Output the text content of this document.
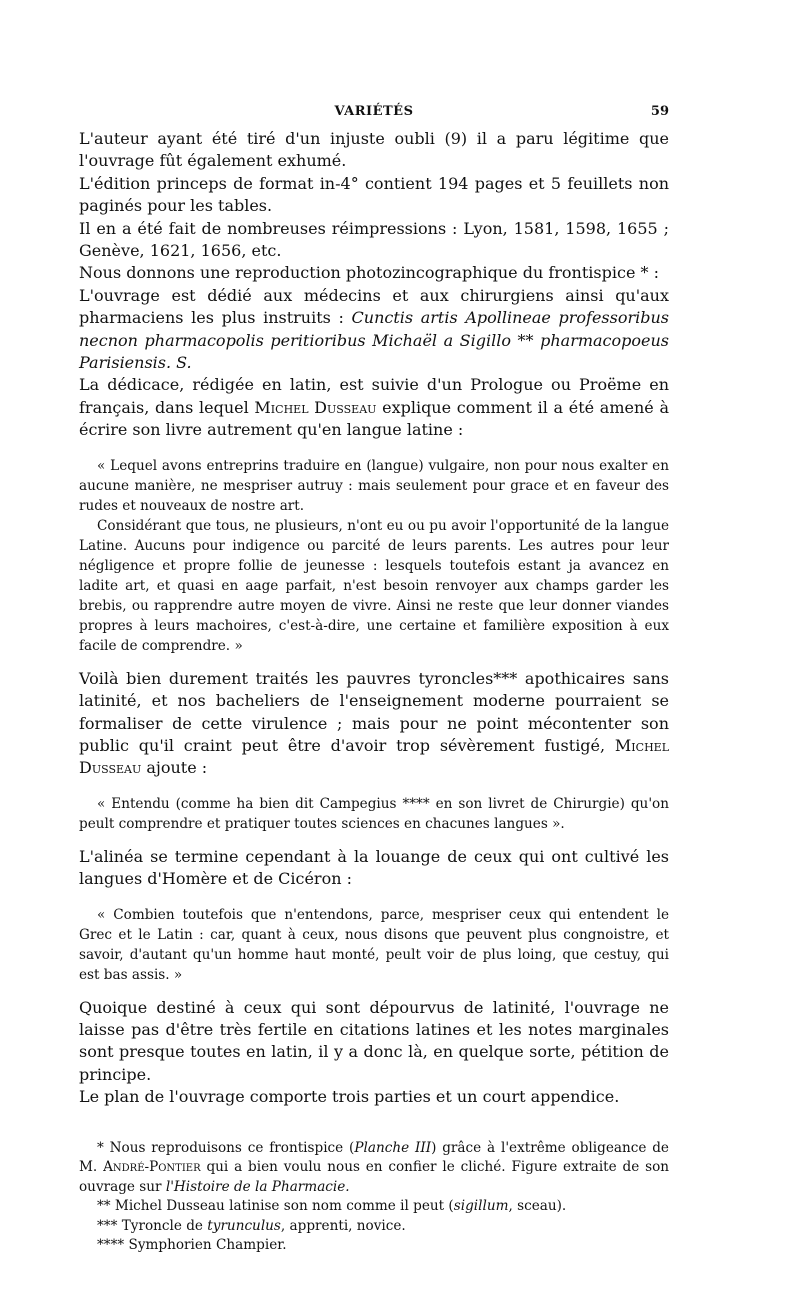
VARIÉTÉS	59

L'auteur ayant été tiré d'un injuste oubli (9) il a paru légitime que l'ouvrage fût également exhumé.

L'édition princeps de format in-4° contient 194 pages et 5 feuillets non paginés pour les tables.

Il en a été fait de nombreuses réimpressions : Lyon, 1581, 1598, 1655 ; Genève, 1621, 1656, etc.

Nous donnons une reproduction photozincographique du frontispice * :

L'ouvrage est dédié aux médecins et aux chirurgiens ainsi qu'aux pharmaciens les plus instruits : Cunctis artis Apollineae professoribus necnon pharmacopolis peritioribus Michaël a Sigillo ** pharmacopoeus Parisiensis. S.

La dédicace, rédigée en latin, est suivie d'un Prologue ou Proëme en français, dans lequel Michel Dusseau explique comment il a été amené à écrire son livre autrement qu'en langue latine :

« Lequel avons entreprins traduire en (langue) vulgaire, non pour nous exalter en aucune manière, ne mespriser autruy : mais seulement pour grace et en faveur des rudes et nouveaux de nostre art.

Considérant que tous, ne plusieurs, n'ont eu ou pu avoir l'opportunité de la langue Latine. Aucuns pour indigence ou parcité de leurs parents. Les autres pour leur négligence et propre follie de jeunesse : lesquels toutefois estant ja avancez en ladite art, et quasi en aage parfait, n'est besoin renvoyer aux champs garder les brebis, ou rapprendre autre moyen de vivre. Ainsi ne reste que leur donner viandes propres à leurs machoires, c'est-à-dire, une certaine et familière exposition à eux facile de comprendre. »

Voilà bien durement traités les pauvres tyroncles*** apothicaires sans latinité, et nos bacheliers de l'enseignement moderne pourraient se formaliser de cette virulence ; mais pour ne point mécontenter son public qu'il craint peut être d'avoir trop sévèrement fustigé, Michel Dusseau ajoute :

« Entendu (comme ha bien dit Campegius **** en son livret de Chirurgie) qu'on peult comprendre et pratiquer toutes sciences en chacunes langues ».

L'alinéa se termine cependant à la louange de ceux qui ont cultivé les langues d'Homère et de Cicéron :

« Combien toutefois que n'entendons, parce, mespriser ceux qui entendent le Grec et le Latin : car, quant à ceux, nous disons que peuvent plus congnoistre, et savoir, d'autant qu'un homme haut monté, peult voir de plus loing, que cestuy, qui est bas assis. »

Quoique destiné à ceux qui sont dépourvus de latinité, l'ouvrage ne laisse pas d'être très fertile en citations latines et les notes marginales sont presque toutes en latin, il y a donc là, en quelque sorte, pétition de principe.

Le plan de l'ouvrage comporte trois parties et un court appendice.

* Nous reproduisons ce frontispice (Planche III) grâce à l'extrême obligeance de M. André-Pontier qui a bien voulu nous en confier le cliché. Figure extraite de son ouvrage sur l'Histoire de la Pharmacie.

** Michel Dusseau latinise son nom comme il peut (sigillum, sceau).

*** Tyroncle de tyrunculus, apprenti, novice.

**** Symphorien Champier.
